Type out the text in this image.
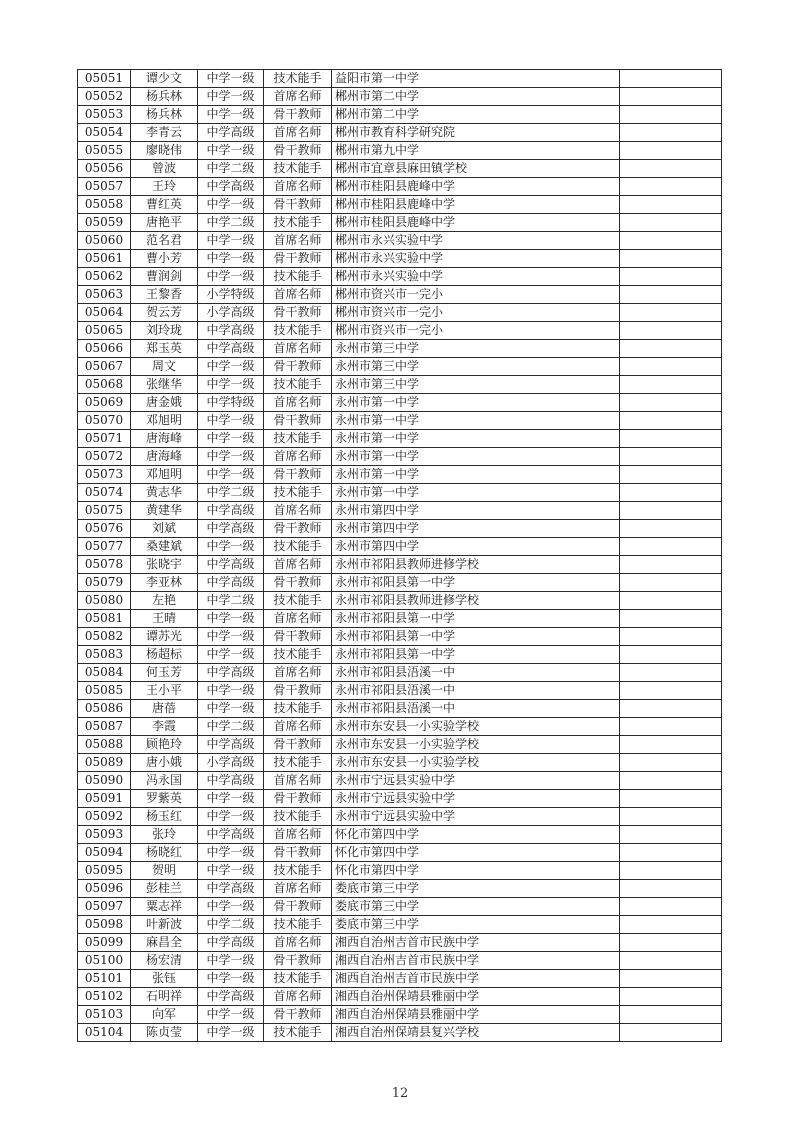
05051	谭少文	中学一级	技术能手	益阳市第一中学	
05052	杨兵林	中学一级	首席名师	郴州市第二中学	
05053	杨兵林	中学一级	骨干教师	郴州市第二中学	
05054	李青云	中学高级	首席名师	郴州市教育科学研究院	
05055	廖晓伟	中学一级	骨干教师	郴州市第九中学	
05056	曾波	中学二级	技术能手	郴州市宜章县麻田镇学校	
05057	王玲	中学高级	首席名师	郴州市桂阳县鹿峰中学	
05058	曹红英	中学一级	骨干教师	郴州市桂阳县鹿峰中学	
05059	唐艳平	中学二级	技术能手	郴州市桂阳县鹿峰中学	
05060	范名君	中学一级	首席名师	郴州市永兴实验中学	
05061	曹小芳	中学一级	骨干教师	郴州市永兴实验中学	
05062	曹润剑	中学一级	技术能手	郴州市永兴实验中学	
05063	王黎香	小学特级	首席名师	郴州市资兴市一完小	
05064	贺云芳	小学高级	骨干教师	郴州市资兴市一完小	
05065	刘玲珑	中学高级	技术能手	郴州市资兴市一完小	
05066	郑玉英	中学高级	首席名师	永州市第三中学	
05067	周文	中学一级	骨干教师	永州市第三中学	
05068	张继华	中学一级	技术能手	永州市第三中学	
05069	唐金娥	中学特级	首席名师	永州市第一中学	
05070	邓旭明	中学一级	骨干教师	永州市第一中学	
05071	唐海峰	中学一级	技术能手	永州市第一中学	
05072	唐海峰	中学一级	首席名师	永州市第一中学	
05073	邓旭明	中学一级	骨干教师	永州市第一中学	
05074	黄志华	中学二级	技术能手	永州市第一中学	
05075	黄建华	中学高级	首席名师	永州市第四中学	
05076	刘斌	中学高级	骨干教师	永州市第四中学	
05077	桑建斌	中学一级	技术能手	永州市第四中学	
05078	张晓宇	中学高级	首席名师	永州市祁阳县教师进修学校	
05079	李亚林	中学高级	骨干教师	永州市祁阳县第一中学	
05080	左艳	中学二级	技术能手	永州市祁阳县教师进修学校	
05081	王晴	中学一级	首席名师	永州市祁阳县第一中学	
05082	谭苏光	中学一级	骨干教师	永州市祁阳县第一中学	
05083	杨超标	中学一级	技术能手	永州市祁阳县第一中学	
05084	何玉芳	中学高级	首席名师	永州市祁阳县浯溪一中	
05085	王小平	中学一级	骨干教师	永州市祁阳县浯溪一中	
05086	唐蓓	中学一级	技术能手	永州市祁阳县浯溪一中	
05087	李霞	中学二级	首席名师	永州市东安县一小实验学校	
05088	顾艳玲	中学高级	骨干教师	永州市东安县一小实验学校	
05089	唐小娥	小学高级	技术能手	永州市东安县一小实验学校	
05090	冯永国	中学高级	首席名师	永州市宁远县实验中学	
05091	罗紫英	中学一级	骨干教师	永州市宁远县实验中学	
05092	杨玉红	中学一级	技术能手	永州市宁远县实验中学	
05093	张玲	中学高级	首席名师	怀化市第四中学	
05094	杨晓红	中学一级	骨干教师	怀化市第四中学	
05095	贺明	中学一级	技术能手	怀化市第四中学	
05096	彭桂兰	中学高级	首席名师	娄底市第三中学	
05097	粟志祥	中学一级	骨干教师	娄底市第三中学	
05098	叶新波	中学二级	技术能手	娄底市第三中学	
05099	麻昌全	中学高级	首席名师	湘西自治州吉首市民族中学	
05100	杨宏清	中学一级	骨干教师	湘西自治州吉首市民族中学	
05101	张钰	中学一级	技术能手	湘西自治州吉首市民族中学	
05102	石明祥	中学高级	首席名师	湘西自治州保靖县雅丽中学	
05103	向军	中学一级	骨干教师	湘西自治州保靖县雅丽中学	
05104	陈贞莹	中学一级	技术能手	湘西自治州保靖县复兴学校	
12
